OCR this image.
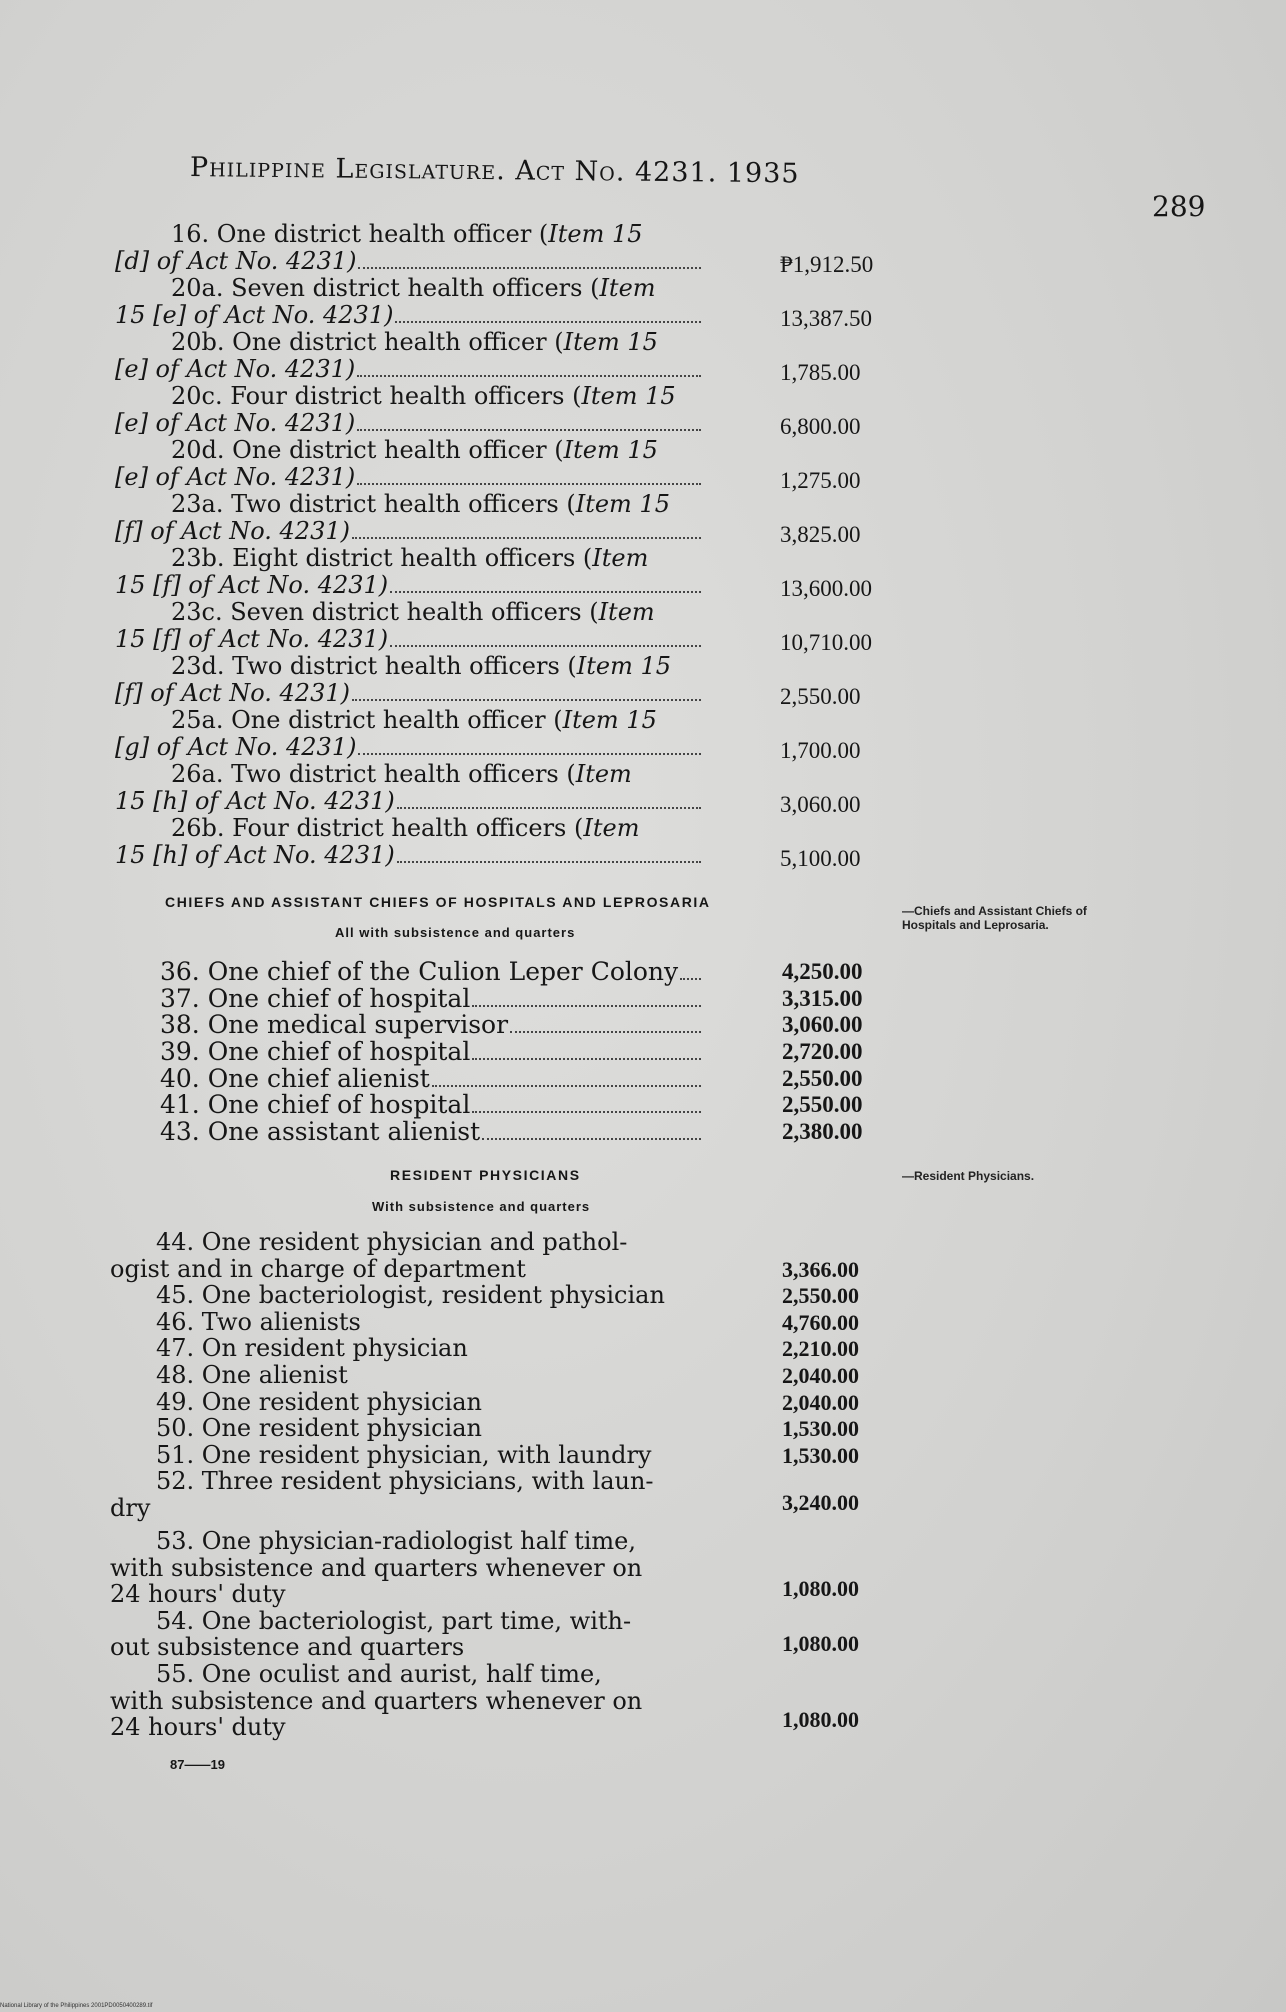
Philippine Legislature. Act No. 4231. 1935
289
16. One district health officer (Item 15
[d] of Act No. 4231)	₱1,912.50
20a. Seven district health officers (Item
15 [e] of Act No. 4231)	13,387.50
20b. One district health officer (Item 15
[e] of Act No. 4231)	1,785.00
20c. Four district health officers (Item 15
[e] of Act No. 4231)	6,800.00
20d. One district health officer (Item 15
[e] of Act No. 4231)	1,275.00
23a. Two district health officers (Item 15
[f] of Act No. 4231)	3,825.00
23b. Eight district health officers (Item
15 [f] of Act No. 4231)	13,600.00
23c. Seven district health officers (Item
15 [f] of Act No. 4231)	10,710.00
23d. Two district health officers (Item 15
[f] of Act No. 4231)	2,550.00
25a. One district health officer (Item 15
[g] of Act No. 4231)	1,700.00
26a. Two district health officers (Item
15 [h] of Act No. 4231)	3,060.00
26b. Four district health officers (Item
15 [h] of Act No. 4231)	5,100.00
CHIEFS AND ASSISTANT CHIEFS OF HOSPITALS AND LEPROSARIA
All with subsistence and quarters
—Chiefs and Assistant Chiefs of Hospitals and Leprosaria.
36. One chief of the Culion Leper Colony	4,250.00
37. One chief of hospital	3,315.00
38. One medical supervisor	3,060.00
39. One chief of hospital	2,720.00
40. One chief alienist	2,550.00
41. One chief of hospital	2,550.00
43. One assistant alienist	2,380.00
RESIDENT PHYSICIANS
With subsistence and quarters
—Resident Physicians.
44. One resident physician and pathol-
ogist and in charge of department	3,366.00
45. One bacteriologist, resident physician	2,550.00
46. Two alienists	4,760.00
47. On resident physician	2,210.00
48. One alienist	2,040.00
49. One resident physician	2,040.00
50. One resident physician	1,530.00
51. One resident physician, with laundry	1,530.00
52. Three resident physicians, with laun-
dry	3,240.00
53. One physician-radiologist half time,
with subsistence and quarters whenever on
24 hours' duty	1,080.00
54. One bacteriologist, part time, with-
out subsistence and quarters	1,080.00
55. One oculist and aurist, half time,
with subsistence and quarters whenever on
24 hours' duty	1,080.00
87——19
National Library of the Philippines 2001PD0050400289.tif
